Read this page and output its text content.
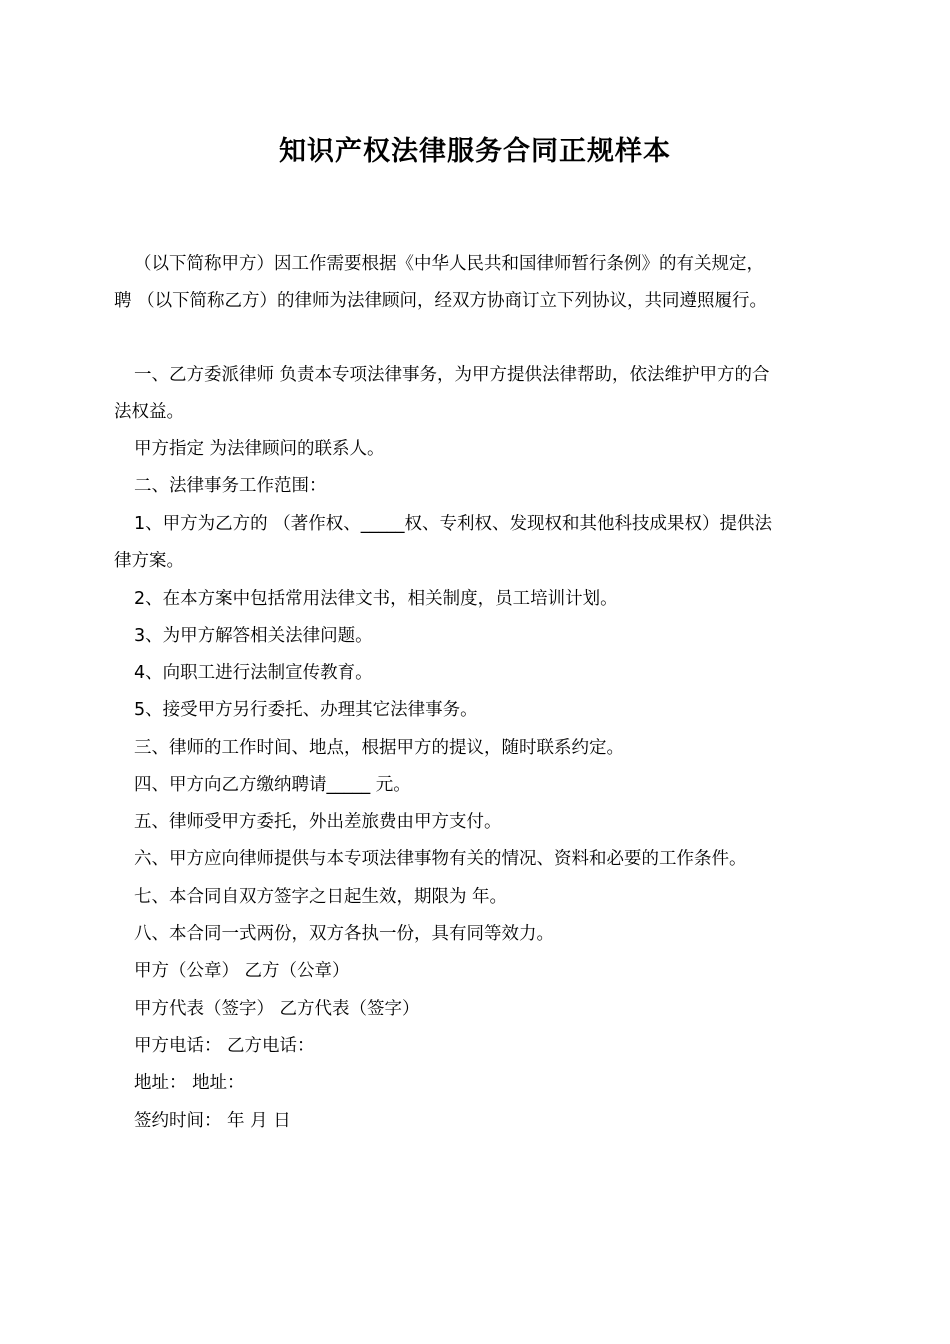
知识产权法律服务合同正规样本
（以下简称甲方）因工作需要根据《中华人民共和国律师暂行条例》的有关规定，
聘 （以下简称乙方）的律师为法律顾问，经双方协商订立下列协议，共同遵照履行。
一、乙方委派律师 负责本专项法律事务，为甲方提供法律帮助，依法维护甲方的合
法权益。
甲方指定 为法律顾问的联系人。
二、法律事务工作范围：
1、甲方为乙方的 （著作权、_____权、专利权、发现权和其他科技成果权）提供法
律方案。
2、在本方案中包括常用法律文书，相关制度，员工培训计划。
3、为甲方解答相关法律问题。
4、向职工进行法制宣传教育。
5、接受甲方另行委托、办理其它法律事务。
三、律师的工作时间、地点，根据甲方的提议，随时联系约定。
四、甲方向乙方缴纳聘请_____ 元。
五、律师受甲方委托，外出差旅费由甲方支付。
六、甲方应向律师提供与本专项法律事物有关的情况、资料和必要的工作条件。
七、本合同自双方签字之日起生效，期限为 年。
八、本合同一式两份，双方各执一份，具有同等效力。
甲方（公章） 乙方（公章）
甲方代表（签字） 乙方代表（签字）
甲方电话： 乙方电话：
地址： 地址：
签约时间： 年 月 日
